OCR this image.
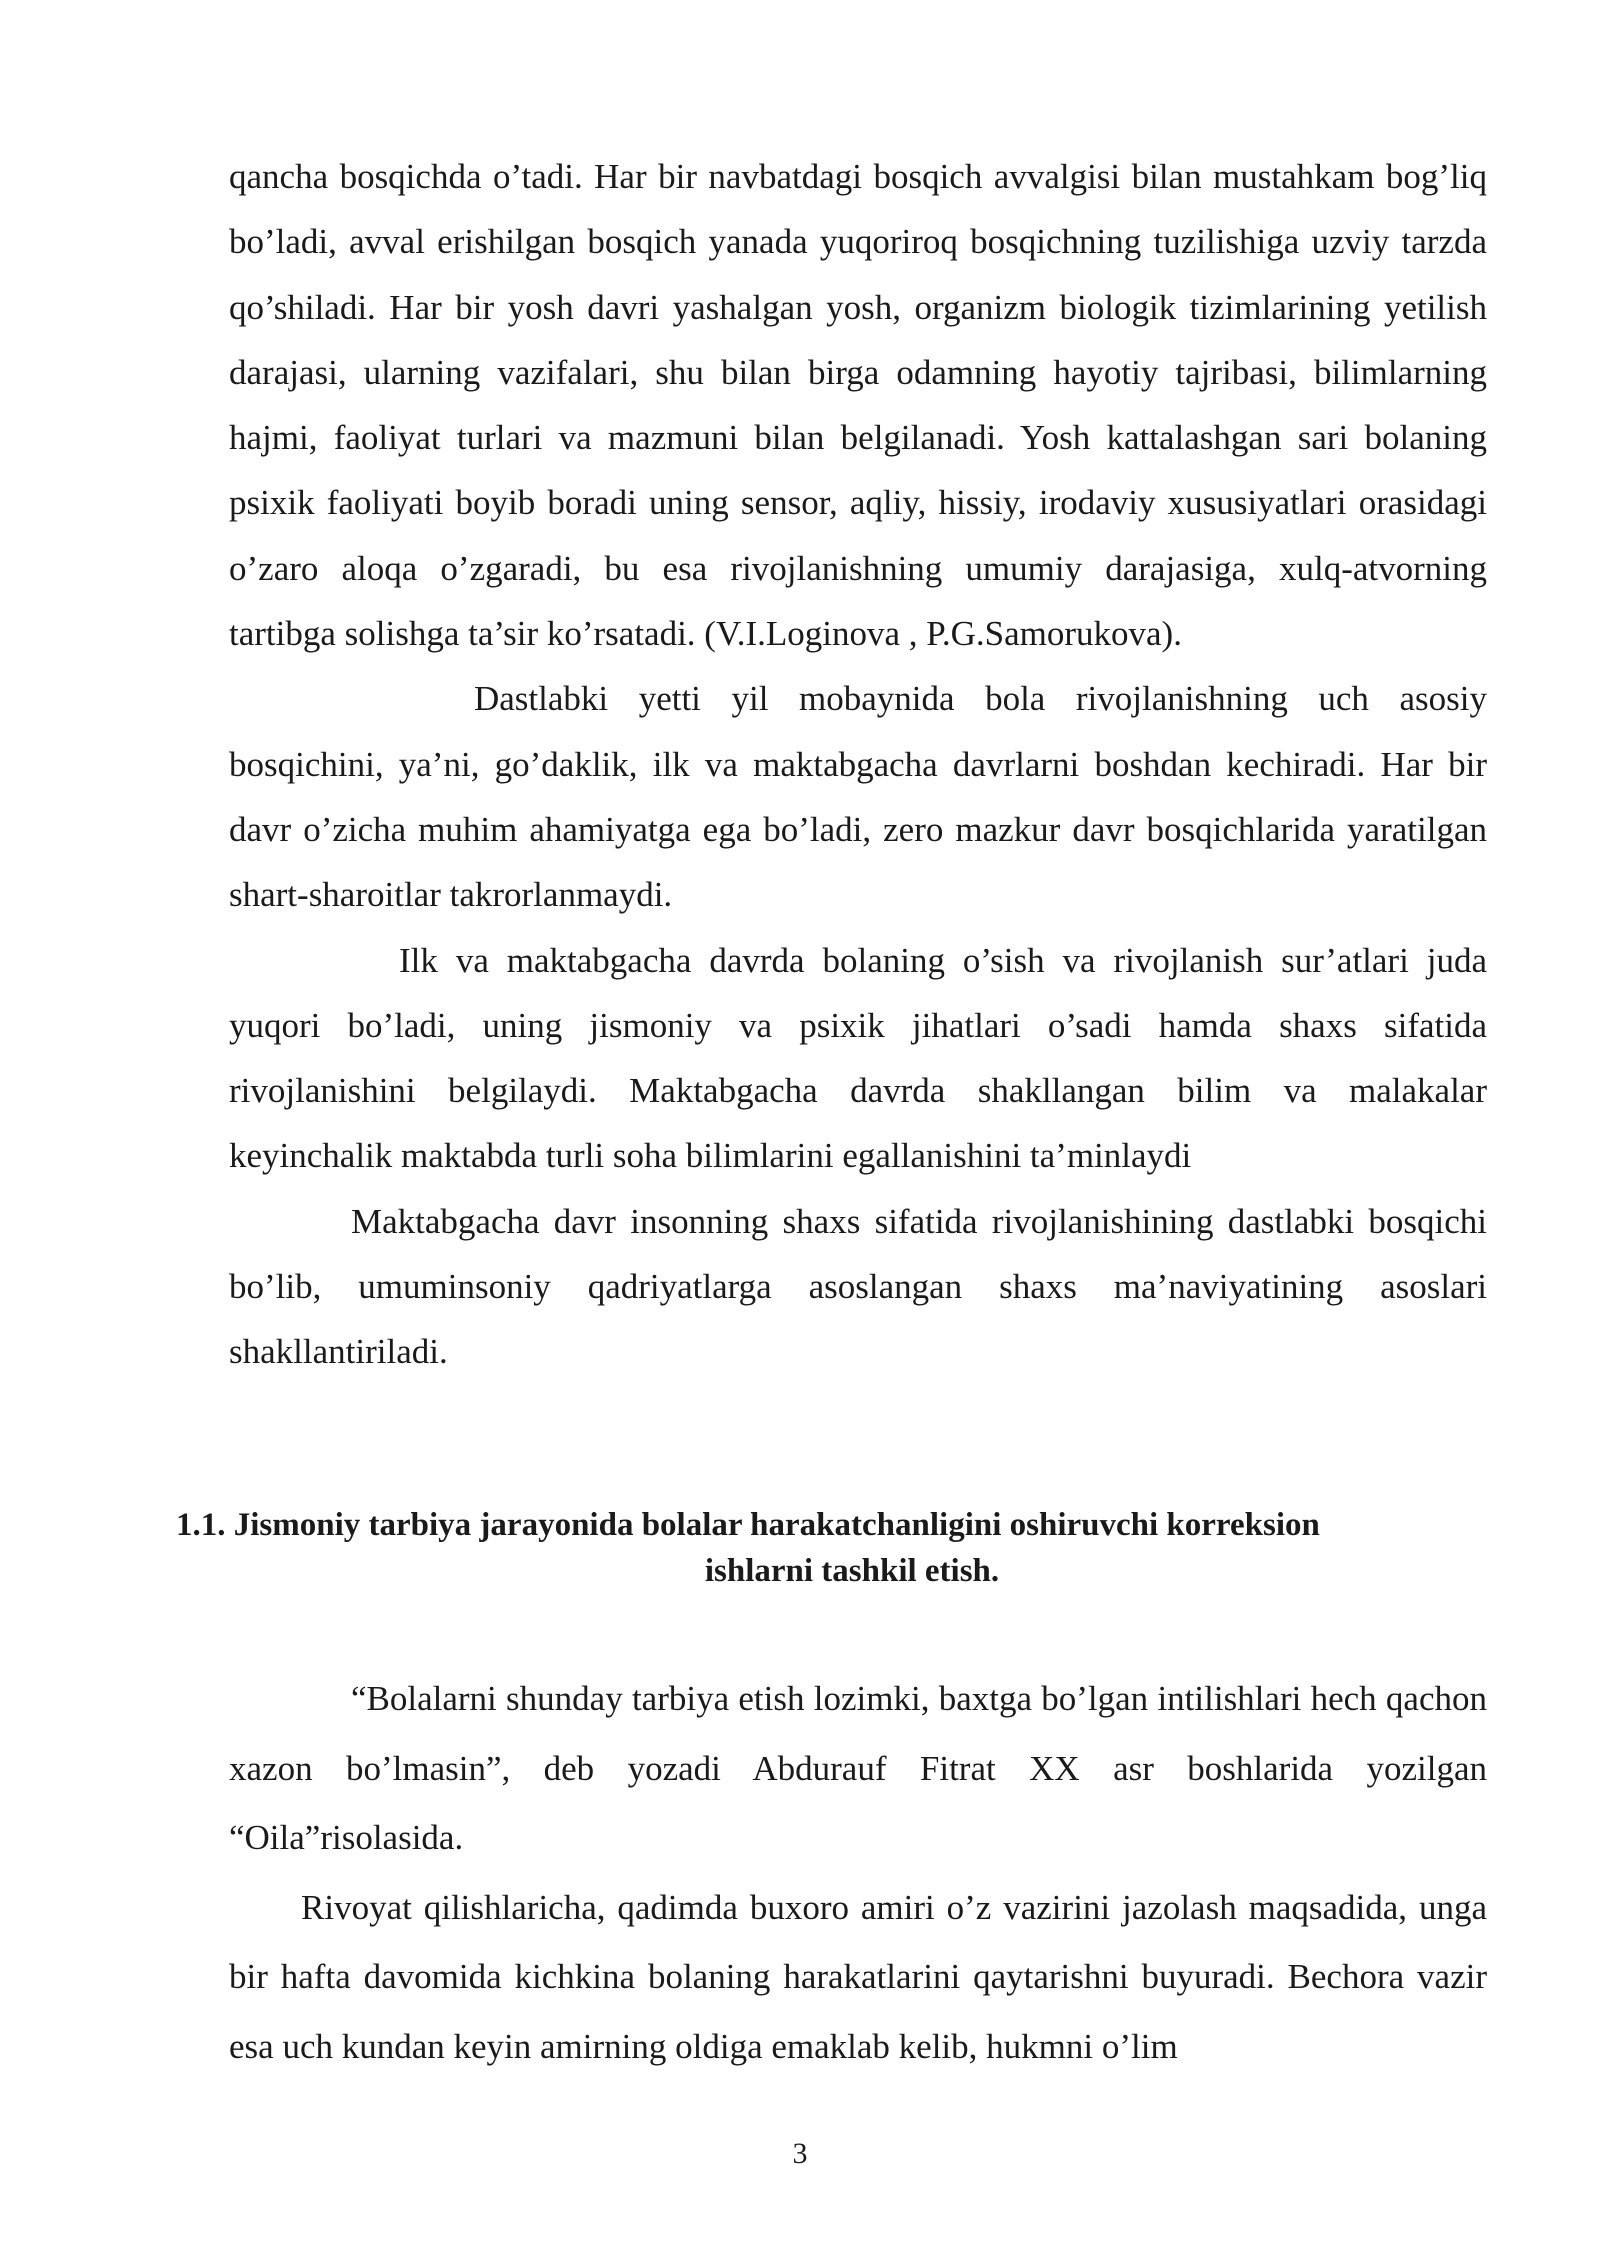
qancha bosqichda o’tadi. Har bir navbatdagi bosqich avvalgisi bilan mustahkam bog’liq bo’ladi, avval erishilgan bosqich yanada yuqoriroq bosqichning tuzilishiga uzviy tarzda qo’shiladi. Har bir yosh davri yashalgan yosh, organizm biologik tizimlarining yetilish darajasi, ularning vazifalari, shu bilan birga odamning hayotiy tajribasi, bilimlarning hajmi, faoliyat turlari va mazmuni bilan belgilanadi. Yosh kattalashgan sari bolaning psixik faoliyati boyib boradi uning sensor, aqliy, hissiy, irodaviy xususiyatlari orasidagi o’zaro aloqa o’zgaradi, bu esa rivojlanishning umumiy darajasiga, xulq-atvorning tartibga solishga ta’sir ko’rsatadi. (V.I.Loginova , P.G.Samorukova).

Dastlabki yetti yil mobaynida bola rivojlanishning uch asosiy bosqichini, ya’ni, go’daklik, ilk va maktabgacha davrlarni boshdan kechiradi. Har bir davr o’zicha muhim ahamiyatga ega bo’ladi, zero mazkur davr bosqichlarida yaratilgan shart-sharoitlar takrorlanmaydi.

Ilk va maktabgacha davrda bolaning o’sish va rivojlanish sur’atlari juda yuqori bo’ladi, uning jismoniy va psixik jihatlari o’sadi hamda shaxs sifatida rivojlanishini belgilaydi. Maktabgacha davrda shakllangan bilim va malakalar keyinchalik maktabda turli soha bilimlarini egallanishini ta’minlaydi

Maktabgacha davr insonning shaxs sifatida rivojlanishining dastlabki bosqichi bo’lib, umuminsoniy qadriyatlarga asoslangan shaxs ma’naviyatining asoslari shakllantiriladi.

1.1. Jismoniy tarbiya jarayonida bolalar harakatchanligini oshiruvchi korreksion
ishlarni tashkil etish.

“Bolalarni shunday tarbiya etish lozimki, baxtga bo’lgan intilishlari hech qachon xazon bo’lmasin”, deb yozadi Abdurauf Fitrat XX asr boshlarida yozilgan “Oila”risolasida.

Rivoyat qilishlaricha, qadimda buxoro amiri o’z vazirini jazolash maqsadida, unga bir hafta davomida kichkina bolaning harakatlarini qaytarishni buyuradi. Bechora vazir esa uch kundan keyin amirning oldiga emaklab kelib, hukmni o’lim

3
